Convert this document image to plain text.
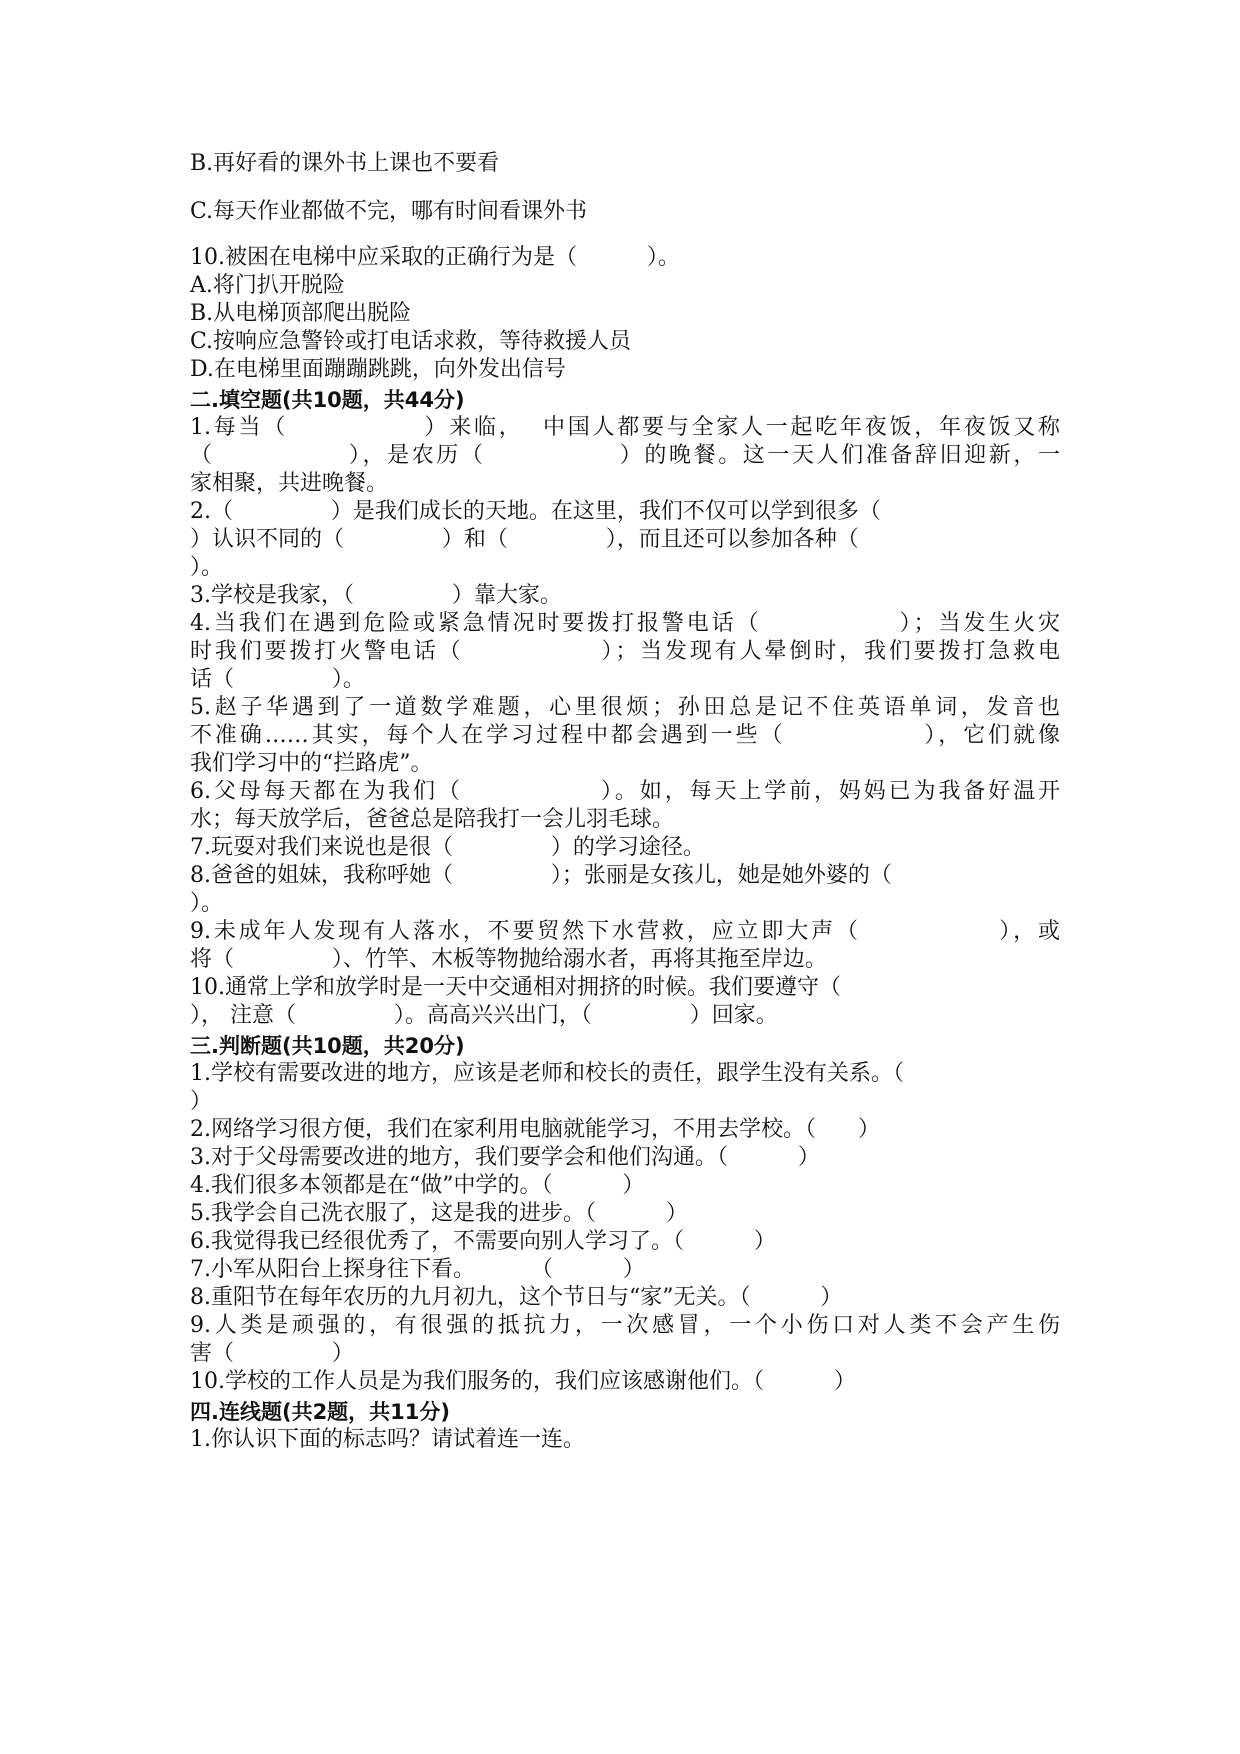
B.再好看的课外书上课也不要看

C.每天作业都做不完，哪有时间看课外书

10.被困在电梯中应采取的正确行为是（          ）。

A.将门扒开脱险

B.从电梯顶部爬出脱险

C.按响应急警铃或打电话求救，等待救援人员

D.在电梯里面蹦蹦跳跳，向外发出信号

二.填空题(共10题，共44分)

1.每当（              ）来临，  中国人都要与全家人一起吃年夜饭，年夜饭又称

（              ），是农历（              ）的晚餐。这一天人们准备辞旧迎新，一

家相聚，共进晚餐。

2.（              ）是我们成长的天地。在这里，我们不仅可以学到很多（

）认识不同的（              ）和（              ），而且还可以参加各种（

）。

3.学校是我家，（              ）靠大家。

4.当我们在遇到危险或紧急情况时要拨打报警电话（              ）；当发生火灾

时我们要拨打火警电话（              ）；当发现有人晕倒时，我们要拨打急救电

话（              ）。

5.赵子华遇到了一道数学难题，心里很烦；孙田总是记不住英语单词，发音也

不准确……其实，每个人在学习过程中都会遇到一些（              ），它们就像

我们学习中的“拦路虎”。

6.父母每天都在为我们（              ）。如，每天上学前，妈妈已为我备好温开

水；每天放学后，爸爸总是陪我打一会儿羽毛球。

7.玩耍对我们来说也是很（              ）的学习途径。

8.爸爸的姐妹，我称呼她（              ）；张丽是女孩儿，她是她外婆的（

）。

9.未成年人发现有人落水，不要贸然下水营救，应立即大声（              ），或

将（              ）、竹竿、木板等物抛给溺水者，再将其拖至岸边。

10.通常上学和放学时是一天中交通相对拥挤的时候。我们要遵守（

）， 注意（              ）。高高兴兴出门，（              ）回家。

三.判断题(共10题，共20分)

1.学校有需要改进的地方，应该是老师和校长的责任，跟学生没有关系。（

）

2.网络学习很方便，我们在家利用电脑就能学习，不用去学校。（      ）

3.对于父母需要改进的地方，我们要学会和他们沟通。（          ）

4.我们很多本领都是在“做”中学的。（          ）

5.我学会自己洗衣服了，这是我的进步。（          ）

6.我觉得我已经很优秀了，不需要向别人学习了。（          ）

7.小军从阳台上探身往下看。        （          ）

8.重阳节在每年农历的九月初九，这个节日与“家”无关。（          ）

9.人类是顽强的，有很强的抵抗力，一次感冒，一个小伤口对人类不会产生伤

害（              ）

10.学校的工作人员是为我们服务的，我们应该感谢他们。（          ）

四.连线题(共2题，共11分)

1.你认识下面的标志吗？请试着连一连。
